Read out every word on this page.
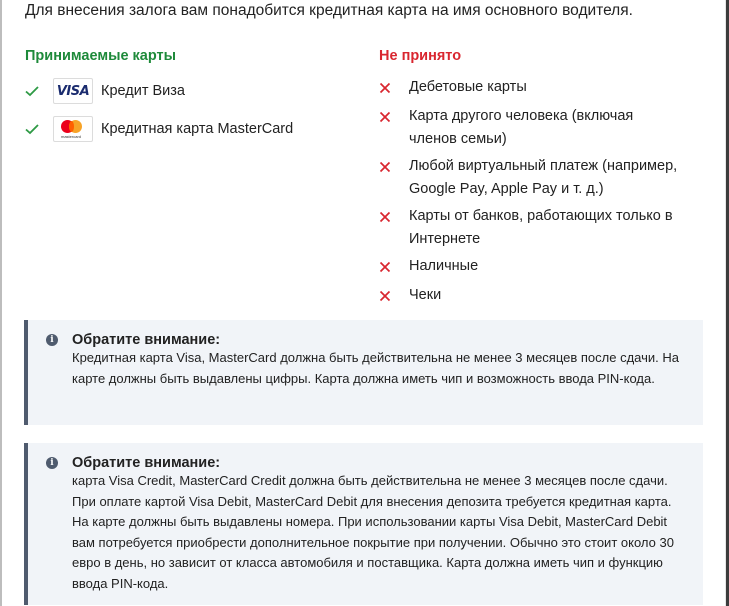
Для внесения залога вам понадобится кредитная карта на имя основного водителя.
Принимаемые карты
VISA Кредит Виза
mastercard Кредитная карта MasterCard
Не принято
Дебетовые карты
Карта другого человека (включая членов семьи)
Любой виртуальный платеж (например, Google Pay, Apple Pay и т. д.)
Карты от банков, работающих только в Интернете
Наличные
Чеки
i Обратите внимание:
Кредитная карта Visa, MasterCard должна быть действительна не менее 3 месяцев после сдачи. На карте должны быть выдавлены цифры. Карта должна иметь чип и возможность ввода PIN-кода.
i Обратите внимание:
карта Visa Credit, MasterCard Credit должна быть действительна не менее 3 месяцев после сдачи. При оплате картой Visa Debit, MasterCard Debit для внесения депозита требуется кредитная карта. На карте должны быть выдавлены номера. При использовании карты Visa Debit, MasterCard Debit вам потребуется приобрести дополнительное покрытие при получении. Обычно это стоит около 30 евро в день, но зависит от класса автомобиля и поставщика. Карта должна иметь чип и функцию ввода PIN-кода.
